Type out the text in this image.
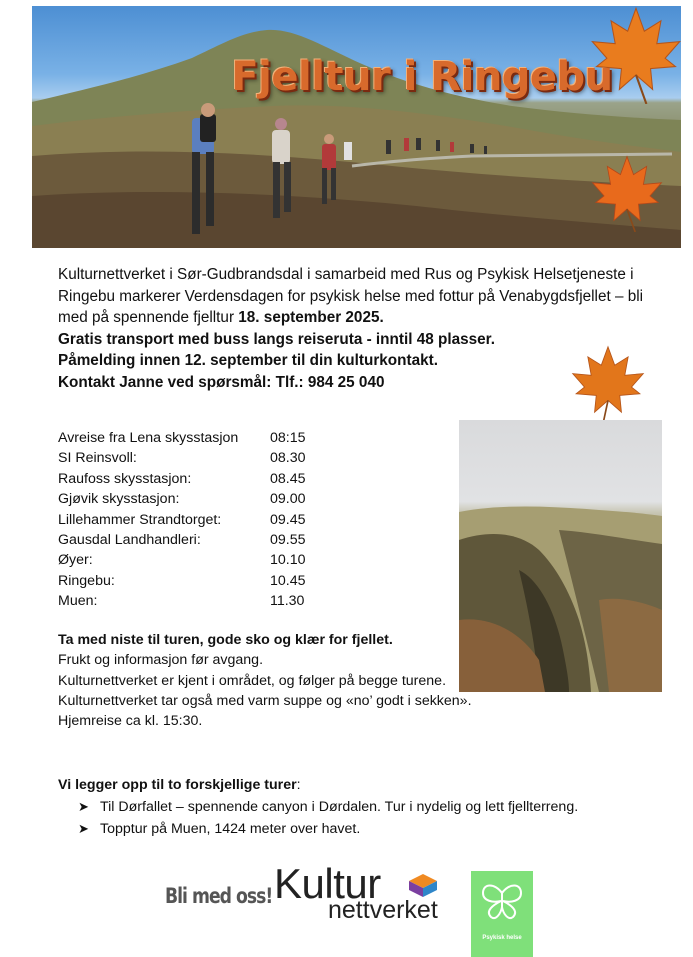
Fjelltur i Ringebu

Kulturnettverket i Sør-Gudbrandsdal i samarbeid med Rus og Psykisk Helsetjeneste i Ringebu markerer Verdensdagen for psykisk helse med fottur på Venabygdsfjellet – bli med på spennende fjelltur 18. september 2025.

Gratis transport med buss langs reiseruta - inntil 48 plasser.

Påmelding innen 12. september til din kulturkontakt.

Kontakt Janne ved spørsmål: Tlf.: 984 25 040

Avreise fra Lena skysstasjon	08:15
SI Reinsvoll:	08.30
Raufoss skysstasjon:	08.45
Gjøvik skysstasjon:	09.00
Lillehammer Strandtorget:	09.45
Gausdal Landhandleri:	09.55
Øyer:	10.10
Ringebu:	10.45
Muen:	11.30

Ta med niste til turen, gode sko og klær for fjellet.

Frukt og informasjon før avgang.

Kulturnettverket er kjent i området, og følger på begge turene.

Kulturnettverket tar også med varm suppe og «no’ godt i sekken».

Hjemreise ca kl. 15:30.

Vi legger opp til to forskjellige turer:
➤ Til Dørfallet – spennende canyon i Dørdalen. Tur i nydelig og lett fjellterreng.
➤ Topptur på Muen, 1424 meter over havet.
Bli med oss! Kultur
nettverket
Psykisk helse
